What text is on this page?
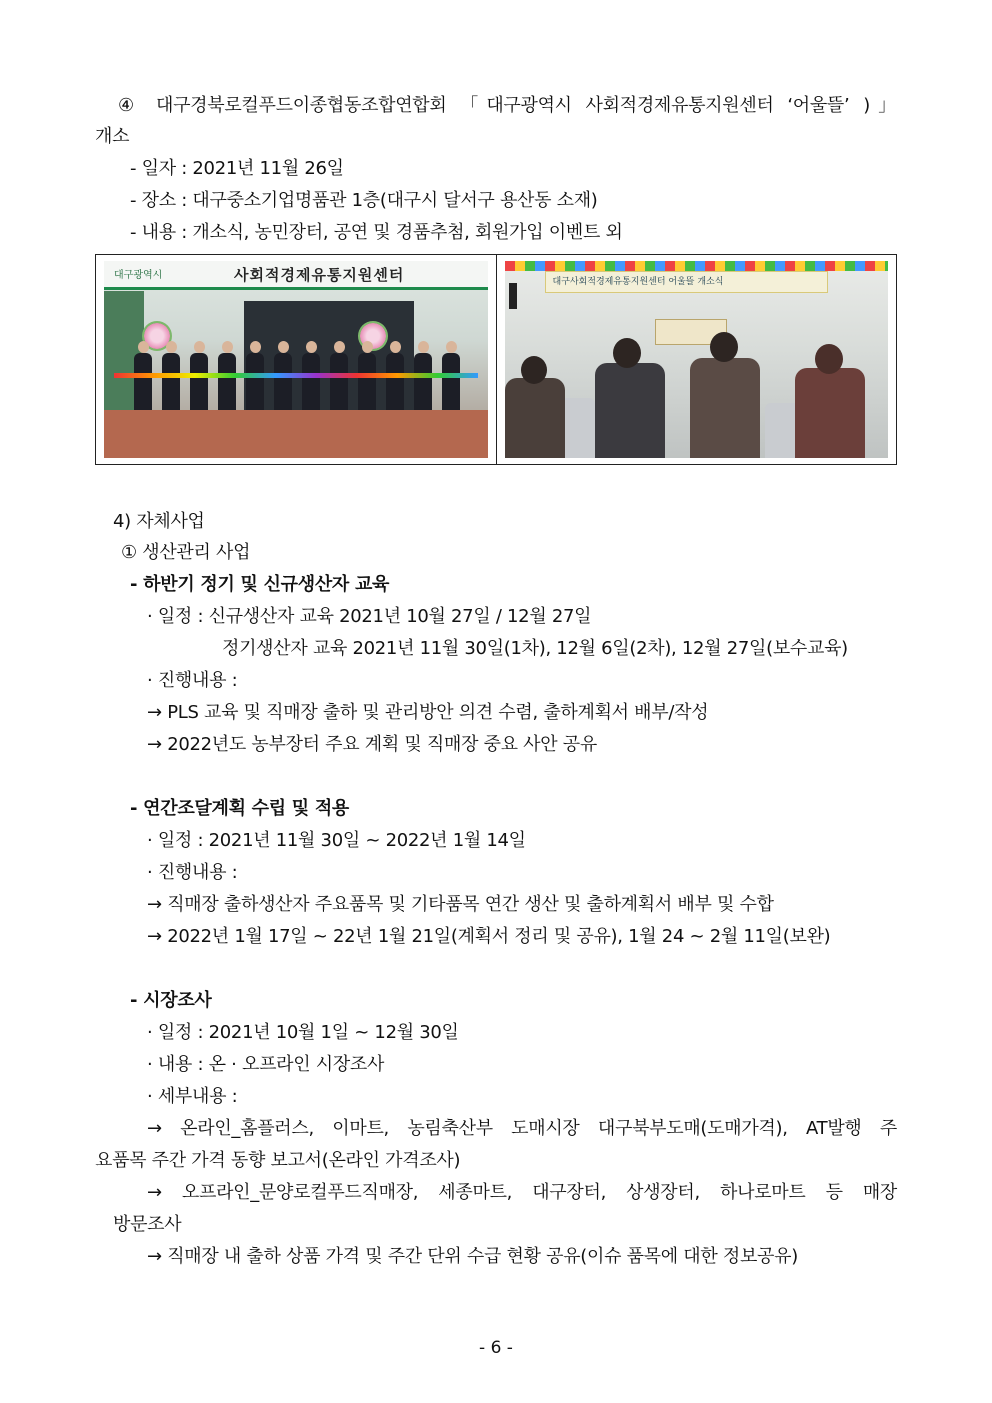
④ 대구경북로컬푸드이종협동조합연합회 「대구광역시 사회적경제유통지원센터 ‘어울뜰’ )」
개소
- 일자 : 2021년 11월 26일
- 장소 : 대구중소기업명품관 1층(대구시 달서구 용산동 소재)
- 내용 : 개소식, 농민장터, 공연 및 경품추첨, 회원가입 이벤트 외
대구광역시	사회적경제유통지원센터	대구사회적경제유통지원센터 어울뜰 개소식
4) 자체사업
① 생산관리 사업
- 하반기 정기 및 신규생산자 교육
· 일정 : 신규생산자 교육 2021년 10월 27일 / 12월 27일
정기생산자 교육 2021년 11월 30일(1차), 12월 6일(2차), 12월 27일(보수교육)
· 진행내용 :
→ PLS 교육 및 직매장 출하 및 관리방안 의견 수렴, 출하계획서 배부/작성
→ 2022년도 농부장터 주요 계획 및 직매장 중요 사안 공유
- 연간조달계획 수립 및 적용
· 일정 : 2021년 11월 30일 ~ 2022년 1월 14일
· 진행내용 :
→ 직매장 출하생산자 주요품목 및 기타품목 연간 생산 및 출하계획서 배부 및 수합
→ 2022년 1월 17일 ~ 22년 1월 21일(계획서 정리 및 공유), 1월 24 ~ 2월 11일(보완)
- 시장조사
· 일정 : 2021년 10월 1일 ~ 12월 30일
· 내용 : 온 · 오프라인 시장조사
· 세부내용 :
→ 온라인_홈플러스, 이마트, 농림축산부 도매시장 대구북부도매(도매가격), AT발행 주
요품목 주간 가격 동향 보고서(온라인 가격조사)
→ 오프라인_문양로컬푸드직매장, 세종마트, 대구장터, 상생장터, 하나로마트 등 매장
방문조사
→ 직매장 내 출하 상품 가격 및 주간 단위 수급 현황 공유(이슈 품목에 대한 정보공유)
- 6 -
